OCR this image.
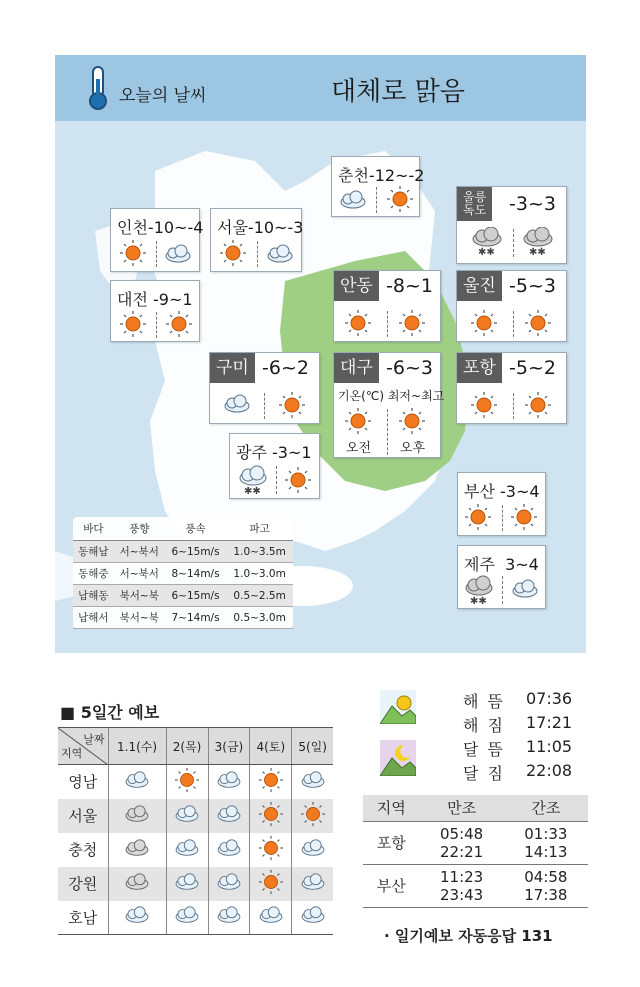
오늘의 날씨	대체로 맑음
춘천-12~-2
울릉
독도	-3~3
✱✱	✱✱
인천-10~-4 서울-10~-3
대전 -9~1
안동 -8~1	울진 -5~3
구미 -6~2	대구 -6~3
기온(℃) 최저~최고
오전 오후
포항 -5~2
광주 -3~1
✱✱	부산 -3~4
제주 3~4
✱✱
바다	풍향	풍속	파고
동해남	서~북서	6~15m/s	1.0~3.5m
동해중	서~북서	8~14m/s	1.0~3.0m
남해동	북서~북	6~15m/s	0.5~2.5m
남해서	북서~북	7~14m/s	0.5~3.0m
■ 5일간 예보
날짜
지역	1.1(수)	2(목)	3(금)	4(토)	5(일)
영남					
서울					
충청					
강원					
호남					
해 뜸 07:36
해 짐 17:21
달 뜸 11:05
달 짐 22:08
지역	만조	간조
포항	05:48	01:33
	22:21	14:13
부산	11:23	04:58
	23:43	17:38
· 일기예보 자동응답 131
